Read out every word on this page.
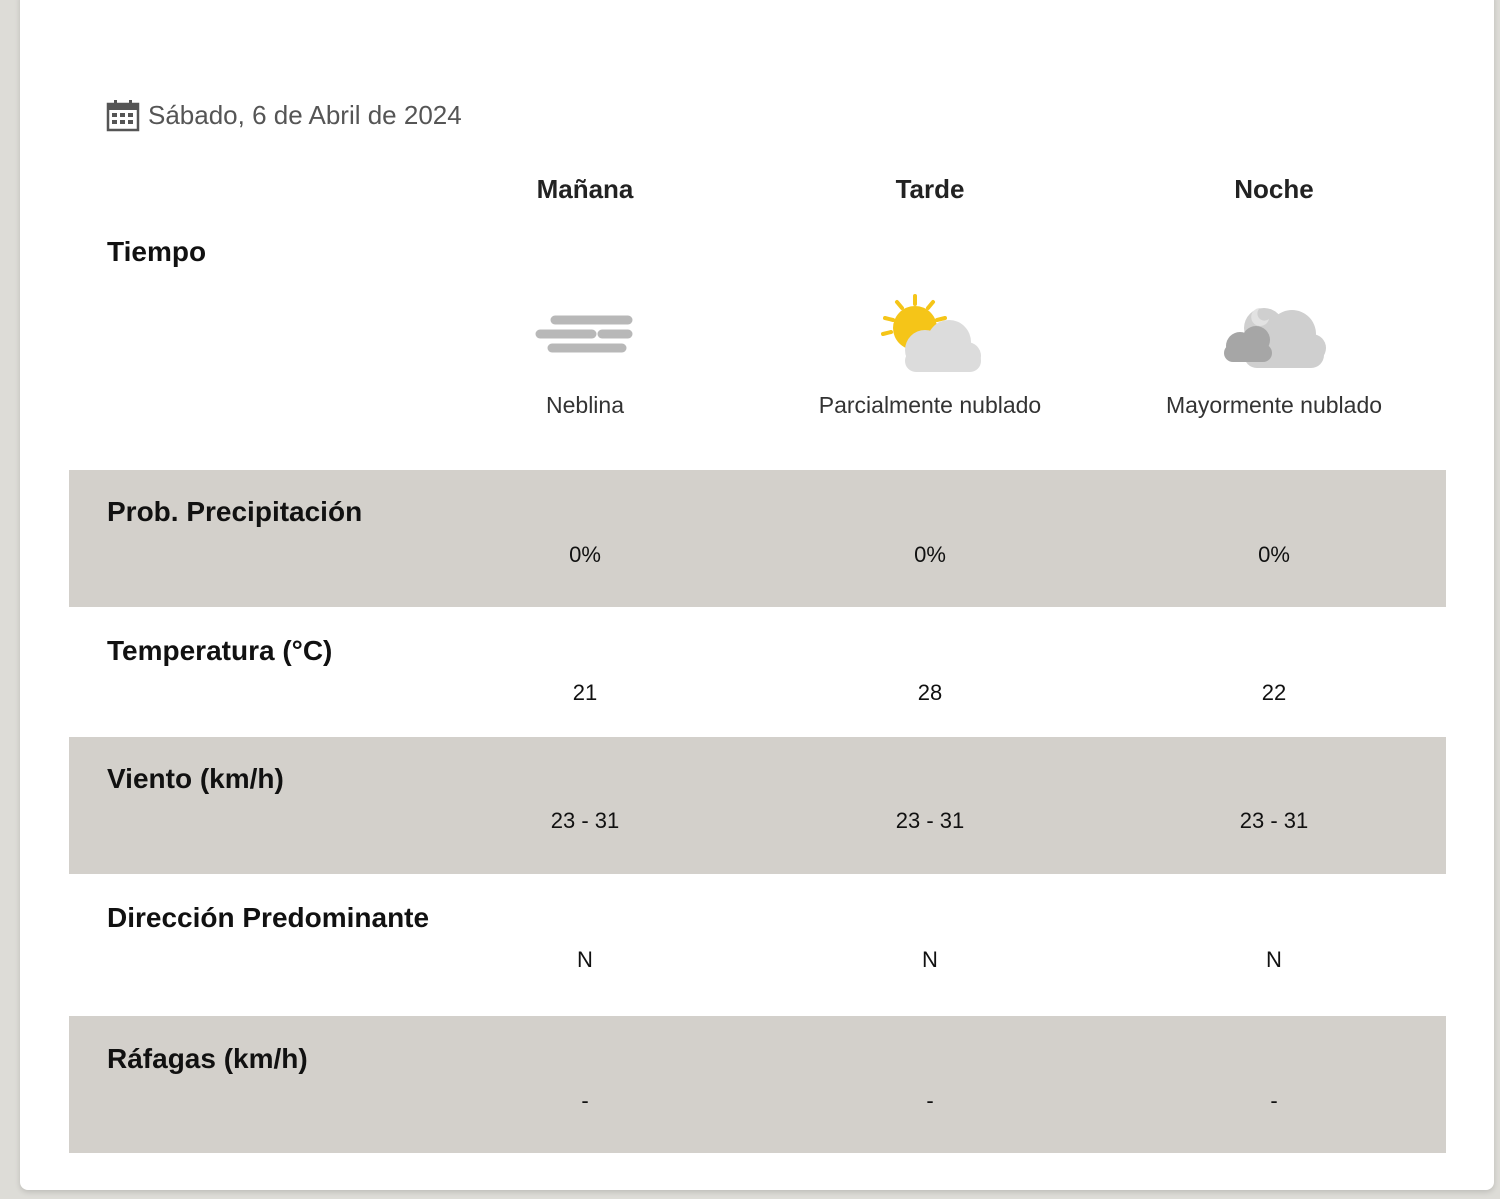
Sábado, 6 de Abril de 2024
Mañana	Tarde	Noche
Tiempo
Neblina	Parcialmente nublado	Mayormente nublado
Prob. Precipitación
0%	0%	0%
Temperatura (°C)
21	28	22
Viento (km/h)
23 - 31	23 - 31	23 - 31
Dirección Predominante
N	N	N
Ráfagas (km/h)
-	-	-
